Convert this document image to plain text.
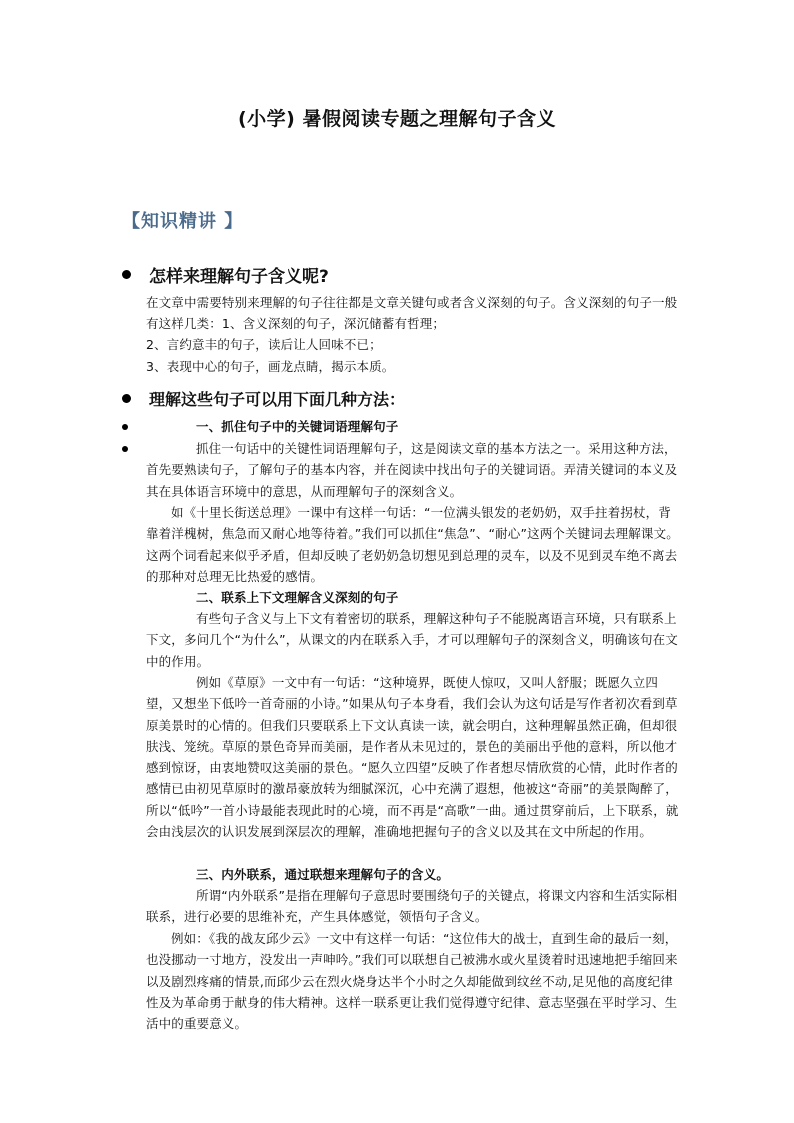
(小学) 暑假阅读专题之理解句子含义
【知识精讲 】
怎样来理解句子含义呢?
在文章中需要特别来理解的句子往往都是文章关键句或者含义深刻的句子。含义深刻的句子一般有这样几类：1、含义深刻的句子，深沉储蓄有哲理；
2、言约意丰的句子，读后让人回味不已；
3、表现中心的句子，画龙点睛，揭示本质。
理解这些句子可以用下面几种方法：
一、抓住句子中的关键词语理解句子
抓住一句话中的关键性词语理解句子，这是阅读文章的基本方法之一。采用这种方法，首先要熟读句子，了解句子的基本内容，并在阅读中找出句子的关键词语。弄清关键词的本义及其在具体语言环境中的意思，从而理解句子的深刻含义。
如《十里长街送总理》一课中有这样一句话：“一位满头银发的老奶奶，双手拄着拐杖，背靠着洋槐树，焦急而又耐心地等待着。”我们可以抓住“焦急”、“耐心”这两个关键词去理解课文。这两个词看起来似乎矛盾，但却反映了老奶奶急切想见到总理的灵车，以及不见到灵车绝不离去的那种对总理无比热爱的感情。
二、联系上下文理解含义深刻的句子
有些句子含义与上下文有着密切的联系，理解这种句子不能脱离语言环境，只有联系上下文，多问几个“为什么”，从课文的内在联系入手，才可以理解句子的深刻含义，明确该句在文中的作用。
例如《草原》一文中有一句话：“这种境界，既使人惊叹，又叫人舒服；既愿久立四望，又想坐下低吟一首奇丽的小诗。”如果从句子本身看，我们会认为这句话是写作者初次看到草原美景时的心情的。但我们只要联系上下文认真读一读，就会明白，这种理解虽然正确，但却很肤浅、笼统。草原的景色奇异而美丽，是作者从未见过的，景色的美丽出乎他的意料，所以他才感到惊讶，由衷地赞叹这美丽的景色。“愿久立四望”反映了作者想尽情欣赏的心情，此时作者的感情已由初见草原时的激昂豪放转为细腻深沉，心中充满了遐想，他被这“奇丽”的美景陶醉了，所以“低吟”一首小诗最能表现此时的心境，而不再是“高歌”一曲。通过贯穿前后，上下联系，就会由浅层次的认识发展到深层次的理解，准确地把握句子的含义以及其在文中所起的作用。
三、内外联系，通过联想来理解句子的含义。
所谓“内外联系”是指在理解句子意思时要围绕句子的关键点，将课文内容和生活实际相联系，进行必要的思维补充，产生具体感觉，领悟句子含义。
例如：《我的战友邱少云》一文中有这样一句话：“这位伟大的战士，直到生命的最后一刻，也没挪动一寸地方，没发出一声呻吟。”我们可以联想自己被沸水或火星烫着时迅速地把手缩回来以及剧烈疼痛的情景,而邱少云在烈火烧身达半个小时之久却能做到纹丝不动,足见他的高度纪律性及为革命勇于献身的伟大精神。这样一联系更让我们觉得遵守纪律、意志坚强在平时学习、生活中的重要意义。
